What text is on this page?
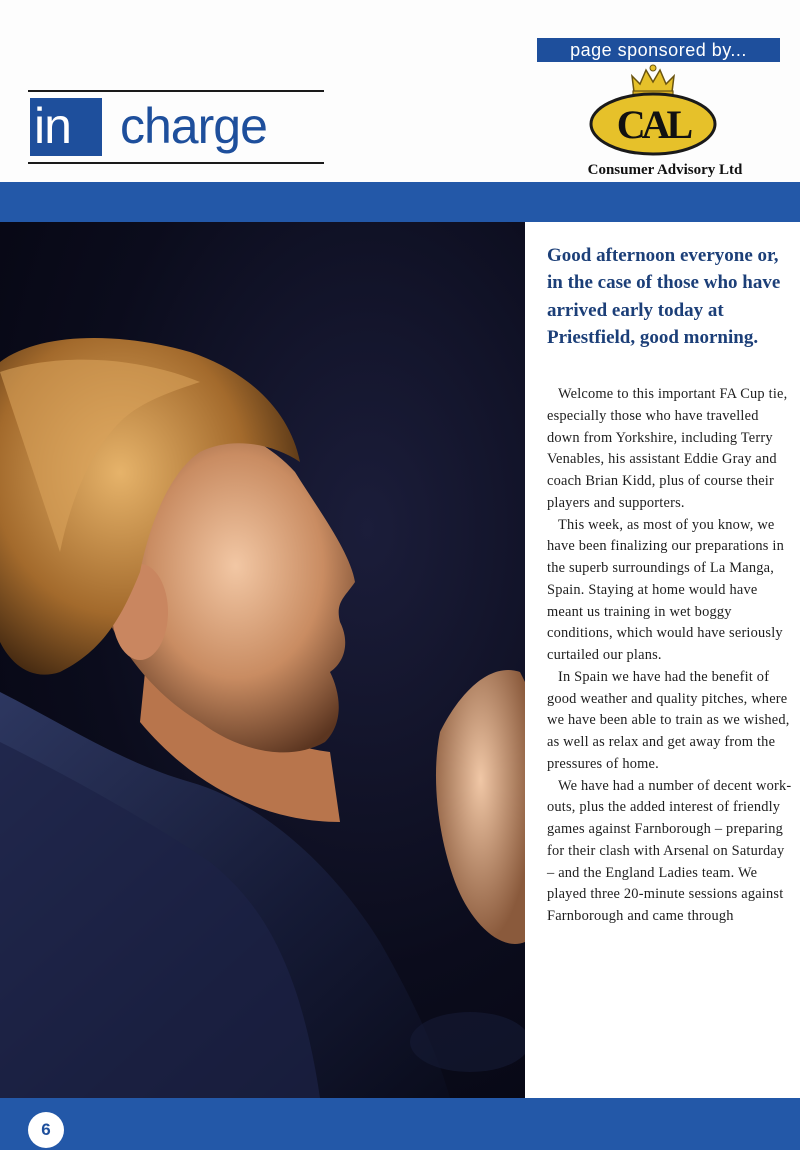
in charge
page sponsored by...
CAL
Consumer Advisory Ltd
Good afternoon everyone or, in the case of those who have arrived early today at Priestfield, good morning.

Welcome to this important FA Cup tie, especially those who have travelled down from Yorkshire, including Terry Venables, his assistant Eddie Gray and coach Brian Kidd, plus of course their players and supporters.

This week, as most of you know, we have been finalizing our preparations in the superb surroundings of La Manga, Spain. Staying at home would have meant us training in wet boggy conditions, which would have seriously curtailed our plans.

In Spain we have had the benefit of good weather and quality pitches, where we have been able to train as we wished, as well as relax and get away from the pressures of home.

We have had a number of decent work-outs, plus the added interest of friendly games against Farnborough – preparing for their clash with Arsenal on Saturday – and the England Ladies team. We played three 20-minute sessions against Farnborough and came through

6
